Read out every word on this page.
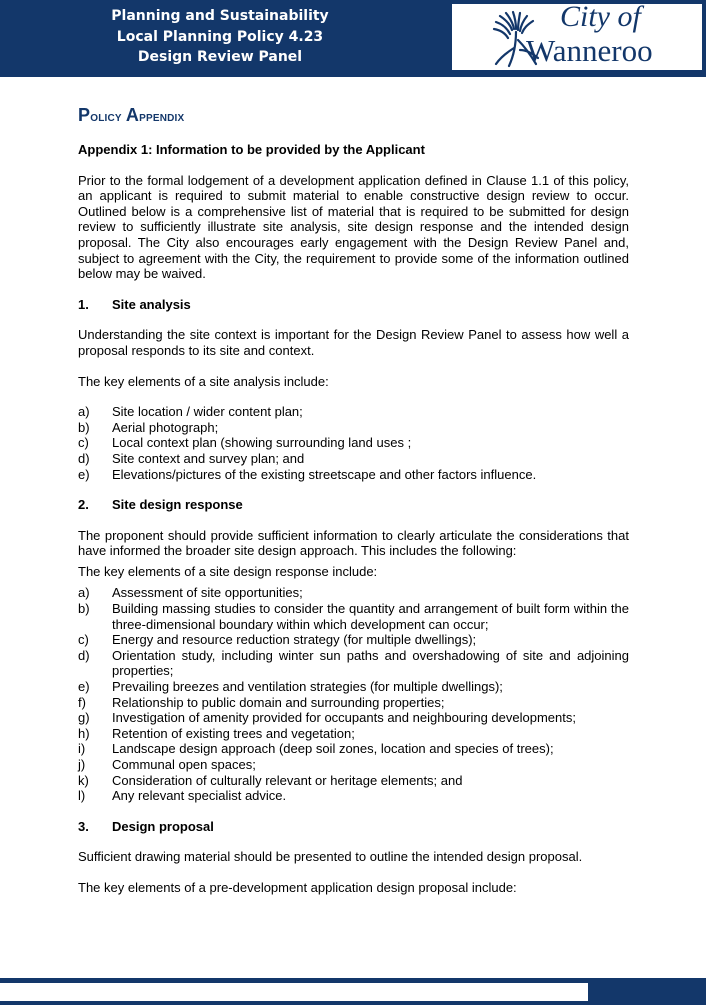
Planning and Sustainability
Local Planning Policy 4.23
Design Review Panel
City of
Wanneroo
Policy Appendix
Appendix 1: Information to be provided by the Applicant

Prior to the formal lodgement of a development application defined in Clause 1.1 of this policy, an applicant is required to submit material to enable constructive design review to occur. Outlined below is a comprehensive list of material that is required to be submitted for design review to sufficiently illustrate site analysis, site design response and the intended design proposal. The City also encourages early engagement with the Design Review Panel and, subject to agreement with the City, the requirement to provide some of the information outlined below may be waived.

1.	Site analysis

Understanding the site context is important for the Design Review Panel to assess how well a proposal responds to its site and context.

The key elements of a site analysis include:

a)	Site location / wider content plan;
b)	Aerial photograph;
c)	Local context plan (showing surrounding land uses ;
d)	Site context and survey plan; and
e)	Elevations/pictures of the existing streetscape and other factors influence.
2.	Site design response

The proponent should provide sufficient information to clearly articulate the considerations that have informed the broader site design approach. This includes the following:

The key elements of a site design response include:

a)	Assessment of site opportunities;
b)	Building massing studies to consider the quantity and arrangement of built form within the three-dimensional boundary within which development can occur;
c)	Energy and resource reduction strategy (for multiple dwellings);
d)	Orientation study, including winter sun paths and overshadowing of site and adjoining properties;
e)	Prevailing breezes and ventilation strategies (for multiple dwellings);
f)	Relationship to public domain and surrounding properties;
g)	Investigation of amenity provided for occupants and neighbouring developments;
h)	Retention of existing trees and vegetation;
i)	Landscape design approach (deep soil zones, location and species of trees);
j)	Communal open spaces;
k)	Consideration of culturally relevant or heritage elements; and
l)	Any relevant specialist advice.
3.	Design proposal

Sufficient drawing material should be presented to outline the intended design proposal.

The key elements of a pre-development application design proposal include:
